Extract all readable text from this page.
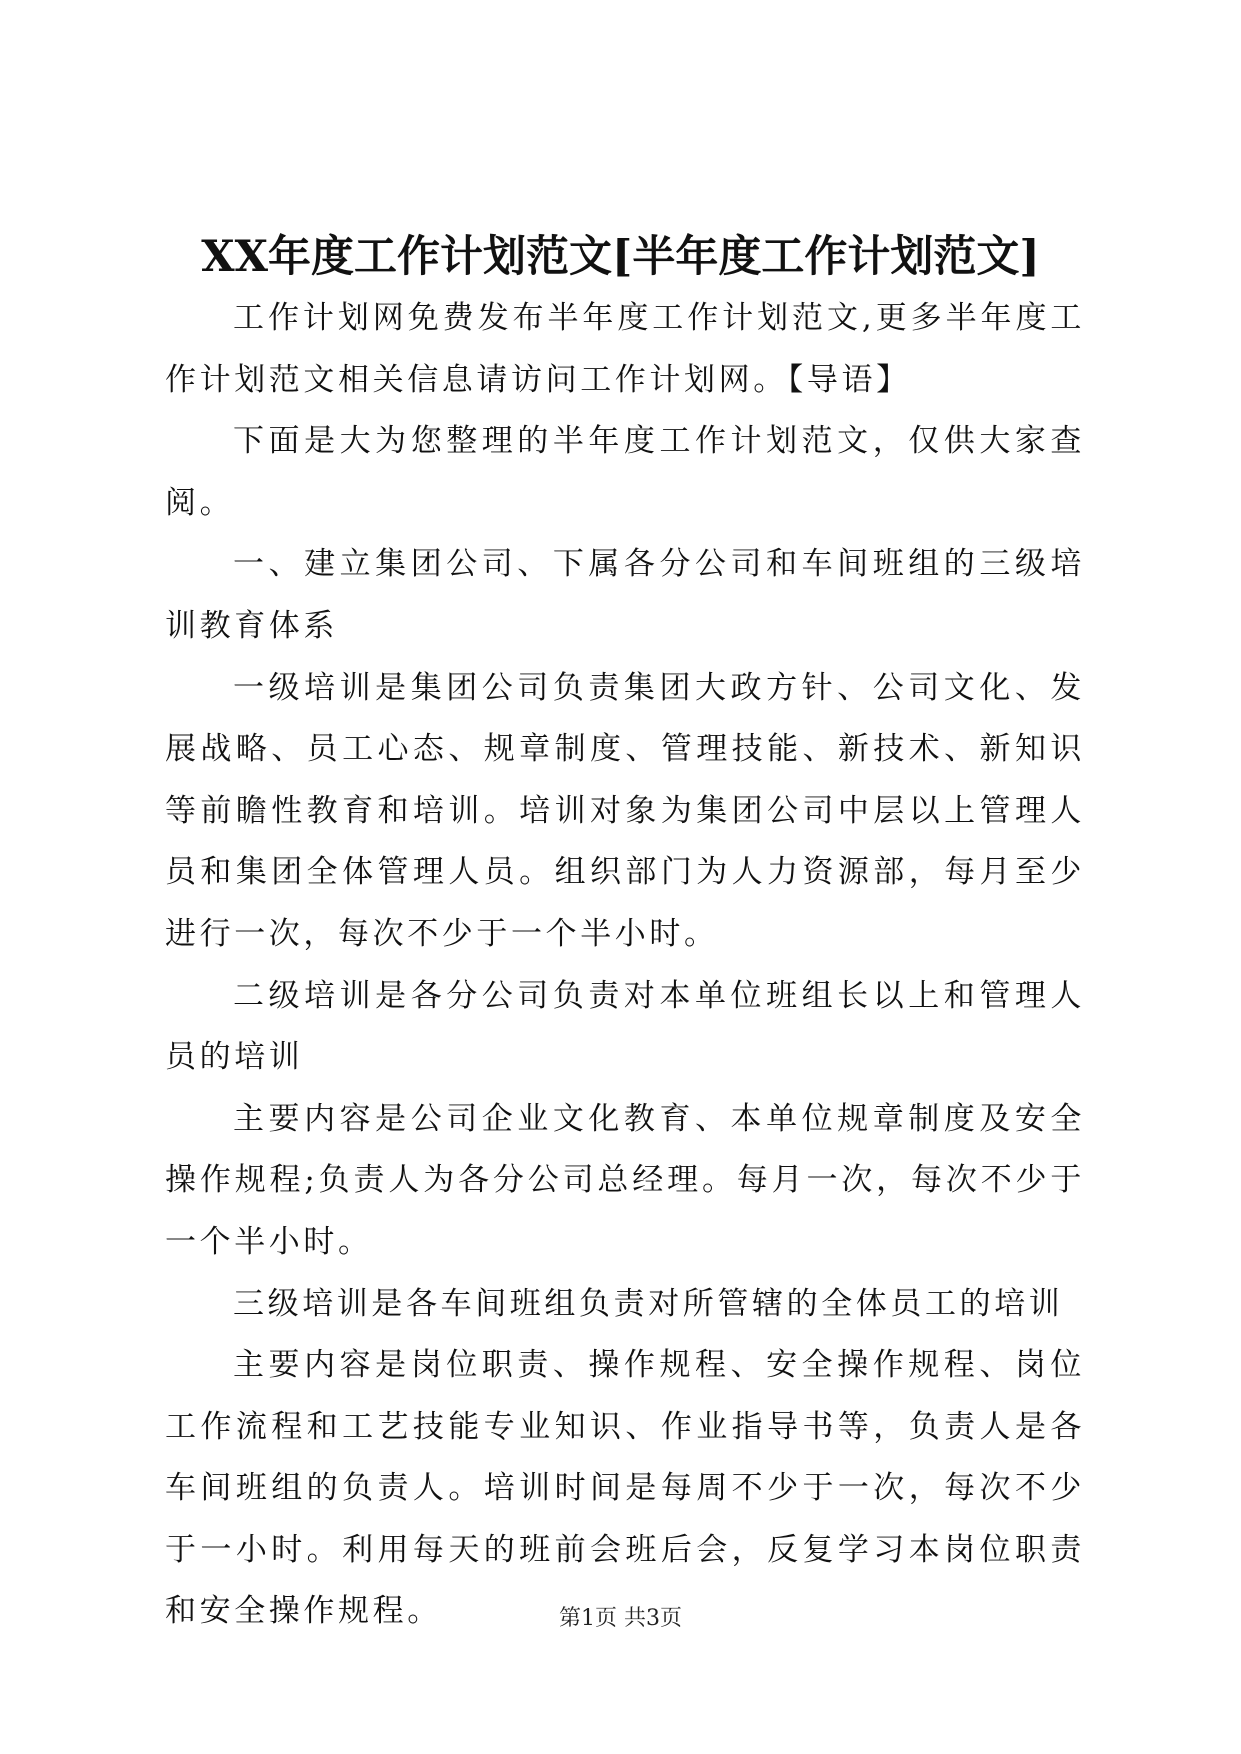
XX年度工作计划范文[半年度工作计划范文]

工作计划网免费发布半年度工作计划范文,更多半年度工作计划范文相关信息请访问工作计划网。【导语】

下面是大为您整理的半年度工作计划范文，仅供大家查阅。

一、建立集团公司、下属各分公司和车间班组的三级培训教育体系

一级培训是集团公司负责集团大政方针、公司文化、发展战略、员工心态、规章制度、管理技能、新技术、新知识等前瞻性教育和培训。培训对象为集团公司中层以上管理人员和集团全体管理人员。组织部门为人力资源部，每月至少进行一次，每次不少于一个半小时。

二级培训是各分公司负责对本单位班组长以上和管理人员的培训

主要内容是公司企业文化教育、本单位规章制度及安全操作规程;负责人为各分公司总经理。每月一次，每次不少于一个半小时。

三级培训是各车间班组负责对所管辖的全体员工的培训

主要内容是岗位职责、操作规程、安全操作规程、岗位工作流程和工艺技能专业知识、作业指导书等，负责人是各车间班组的负责人。培训时间是每周不少于一次，每次不少于一小时。利用每天的班前会班后会，反复学习本岗位职责和安全操作规程。	第1页 共3页
